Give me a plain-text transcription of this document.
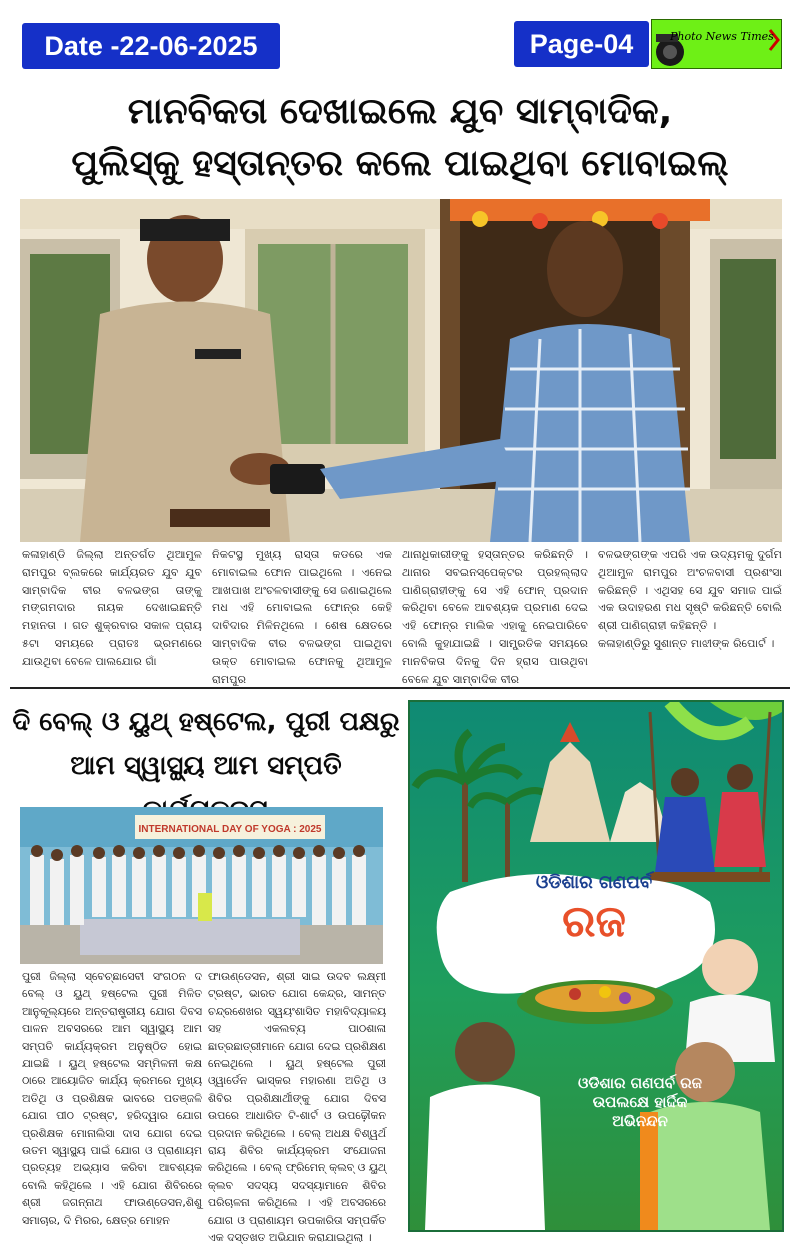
Date -22-06-2025	Page-04	Photo News Times
ମାନବିକତା ଦେଖାଇଲେ ଯୁବ ସାମ୍ବାଦିକ,
ପୁଲିସ୍‌କୁ ହସ୍ତାନ୍ତର କଲେ ପାଇଥିବା ମୋବାଇଲ୍
କଳାହାଣ୍ଡି ଜିଲ୍ଲା ଅନ୍ତର୍ଗତ ଥିଆମୁଳ ରାମପୁର ବ୍ଲକରେ କାର୍ଯ୍ୟରତ ଯୁବ ଯୁବ ସାମ୍ବାଦିକ ବୀର ବଳଭଙ୍ଗ ତାଙ୍କୁ ମଙ୍ଗମଦାର ନାୟକ ଦେଖାଇଛନ୍ତି ମହାନତା । ଗତ ଶୁକ୍ରବାର ସକାଳ ପ୍ରାୟ ୫ଟା ସମୟରେ ପ୍ରାତଃ ଭ୍ରମଣରେ ଯାଉଥିବା ବେଳେ ପାଲଯୋର ଗାଁ
ନିକଟସ୍ଥ ମୁଖ୍ୟ ରାସ୍ତା କଡରେ ଏକ ମୋବାଇଲ ଫୋନ ପାଇଥିଲେ । ଏନେଇ ଆଖପାଖ ଅଂଚଳବାସୀଙ୍କୁ ସେ ଜଣାଇଥିଲେ ମଧ ଏହି ମୋବାଇଲ ଫୋନ୍‌ର କେହି ଦାବିଦାର ମିଳିନଥିଲେ । ଶେଷ କ୍ଷେତରେ ସାମ୍ବାଦିକ ବୀର ବଳଭଙ୍ଗ ପାଇଥିବା ଉକ୍ତ ମୋବାଇଲ ଫୋନକୁ ଥିଆମୁଳ ରାମପୁର
ଥାନାଧିକାରୀଙ୍କୁ ହସ୍ତାନ୍ତର କରିଛନ୍ତି । ଥାନାର ସବଇନସ୍‌ପେକ୍ଟର ପ୍ରହଲ୍ଲାଦ ପାଣିଗ୍ରାହୀଙ୍କୁ ସେ ଏହି ଫୋନ୍ ପ୍ରଦାନ କରିଥିବା ବେଳେ ଆବଶ୍ୟକ ପ୍ରମାଣ ଦେଇ ଏହି ଫୋନ୍‌ର ମାଲିକ ଏହାକୁ ନେଇପାରିବେ ବୋଲି କୁହାଯାଇଛି । ସାମ୍ପ୍ରତିକ ସମୟରେ ମାନବିକତା ଦିନକୁ ଦିନ ହ୍ରାସ ପାଉଥିବା ବେଳେ ଯୁବ ସାମ୍ବାଦିକ ବୀର
ବଳଭଙ୍ଗଙ୍କ ଏପରି ଏକ ଉଦ୍ୟମକୁ ଦୁର୍ଗମ ଥିଆମୁଳ ରାମପୁର ଅଂଚଳବାସୀ ପ୍ରଶଂସା କରିଛନ୍ତି । ଏଥିସହ ସେ ଯୁବ ସମାଜ ପାଇଁ ଏକ ଉଦାହରଣ ମଧ ସୃଷ୍ଟି କରିଛନ୍ତି ବୋଲି ଶ୍ରୀ ପାଣିଗ୍ରାହୀ କହିଛନ୍ତି ।
କଳାହାଣ୍ଡିରୁ ସୁଶାନ୍ତ ମାଝୀଙ୍କ ରିପୋର୍ଟ ।
ଦି ବେଲ୍ ଓ ୟୁଥ୍ ହଷ୍ଟେଲ, ପୁରୀ ପକ୍ଷରୁ
ଆମ ସ୍ୱାସ୍ଥ୍ୟ ଆମ ସମ୍ପତି
INTERNATIONAL DAY OF YOGA : 2025
ପୁରୀ ଜିଲ୍ଲା ସ୍ବେଚ୍ଛାସେବୀ ସଂଗଠନ ଦ ବେଲ୍ ଓ ୟୁଥ୍ ହଷ୍ଟେଲ ପୁରୀ ମିଳିତ ଆନୁକୂଲ୍ୟରେ ଅନ୍ତରାଷ୍ଟ୍ରୀୟ ଯୋଗ ଦିବସ ପାଳନ ଅବସରରେ ଆମ ସ୍ୱାସ୍ଥ୍ୟ ଆମ ସମ୍ପତି କାର୍ଯ୍ୟକ୍ରମ ଅନୁଷ୍ଠିତ ହୋଇ ଯାଇଛି । ୟୁଥ୍ ହଷ୍ଟେଲ ସମ୍ମିଳନୀ କକ୍ଷ ଠାରେ ଆୟୋଜିତ କାର୍ଯ୍ୟ କ୍ରମରେ ମୁଖ୍ୟ ଅତିଥି ଓ ପ୍ରଶିକ୍ଷକ ଭାବରେ ପତଞ୍ଜଳି ଯୋଗ ପୀଠ ଟ୍ରଷ୍ଟ, ହରିଦ୍ୱାର ଯୋଗ ପ୍ରଶିକ୍ଷକ ମୋନାଲିସା ଦାସ ଯୋଗ ଦେଇ ଉତମ ସ୍ୱାସ୍ଥ୍ୟ ପାଇଁ ଯୋଗ ଓ ପ୍ରାଣାୟମ ପ୍ରତ୍ୟହ ଅଭ୍ୟାସ କରିବା ଆବଶ୍ୟକ ବୋଲି କହିଥିଲେ । ଏହି ଯୋଗ ଶିବିରରେ ଶ୍ରୀ ଜଗନ୍ନାଥ ଫାଉଣ୍ଡେସନ,ଶିଶୁ ସମାଚାର, ଦି ମିରର, କ୍ଷେତ୍ର ମୋହନ
ଫାଉଣ୍ଡେସନ, ଶ୍ରୀ ସାଇ ଉଦବ ଲକ୍ଷ୍ମୀ ଟ୍ରଷ୍ଟ, ଭାରତ ଯୋଗ କେନ୍ଦ୍ର, ସାମନ୍ତ ଚନ୍ଦ୍ରଶେଖର ସ୍ୱୟଂଶାସିତ ମହାବିଦ୍ୟାଳୟ ସହ ଏକଲବ୍ୟ ପାଠଶାଳା ଛାତ୍ରଛାତ୍ରୀମାନେ ଯୋଗ ଦେଇ ପ୍ରଶିକ୍ଷଣ ନେଇଥିଲେ । ୟୁଥ୍ ହଷ୍ଟେଲ ପୁରୀ ଓ୍ୱାର୍ଡେନ ଭାସ୍କର ମହାରଣା ଅତିଥି ଓ ଶିବିର ପ୍ରଶିକ୍ଷାର୍ଥୀଙ୍କୁ ଯୋଗ ଦିବସ ଉପରେ ଆଧାରିତ ଟି-ଶାର୍ଟ ଓ ଉପଢ଼ୌକନ ପ୍ରଦାନ କରିଥିଲେ । ବେଲ୍ ଅଧକ୍ଷ ବିଶ୍ୱର୍ଥ ରାୟ ଶିବିର କାର୍ଯ୍ୟକ୍ରମ ସଂଯୋଜନା କରିଥିଲେ । ବେଲ୍ ଫ୍ରିମେନ୍ କ୍ଲବ୍ ଓ ୟୁଥ୍ କ୍ଲବ ସଦସ୍ୟ ସଦସ୍ୟାମାନେ ଶିବିର ପରିଚାଳନା କରିଥିଲେ । ଏହି ଅବସରରେ ଯୋଗ ଓ ପ୍ରାଣାୟମ ଉପକାରିତା ସମ୍ପର୍କିତ ଏକ ଦସ୍ତଖତ ଅଭିଯାନ କରାଯାଇଥିଲା ।
ଓଡିଶାର ଗଣପର୍ବ
ରଜ
ଓଡିଶାର ଗଣପର୍ବ ରଜ
ଉପଲକ୍ଷେ ହାର୍ଦ୍ଦିକ
ଅଭିନନ୍ଦନ
